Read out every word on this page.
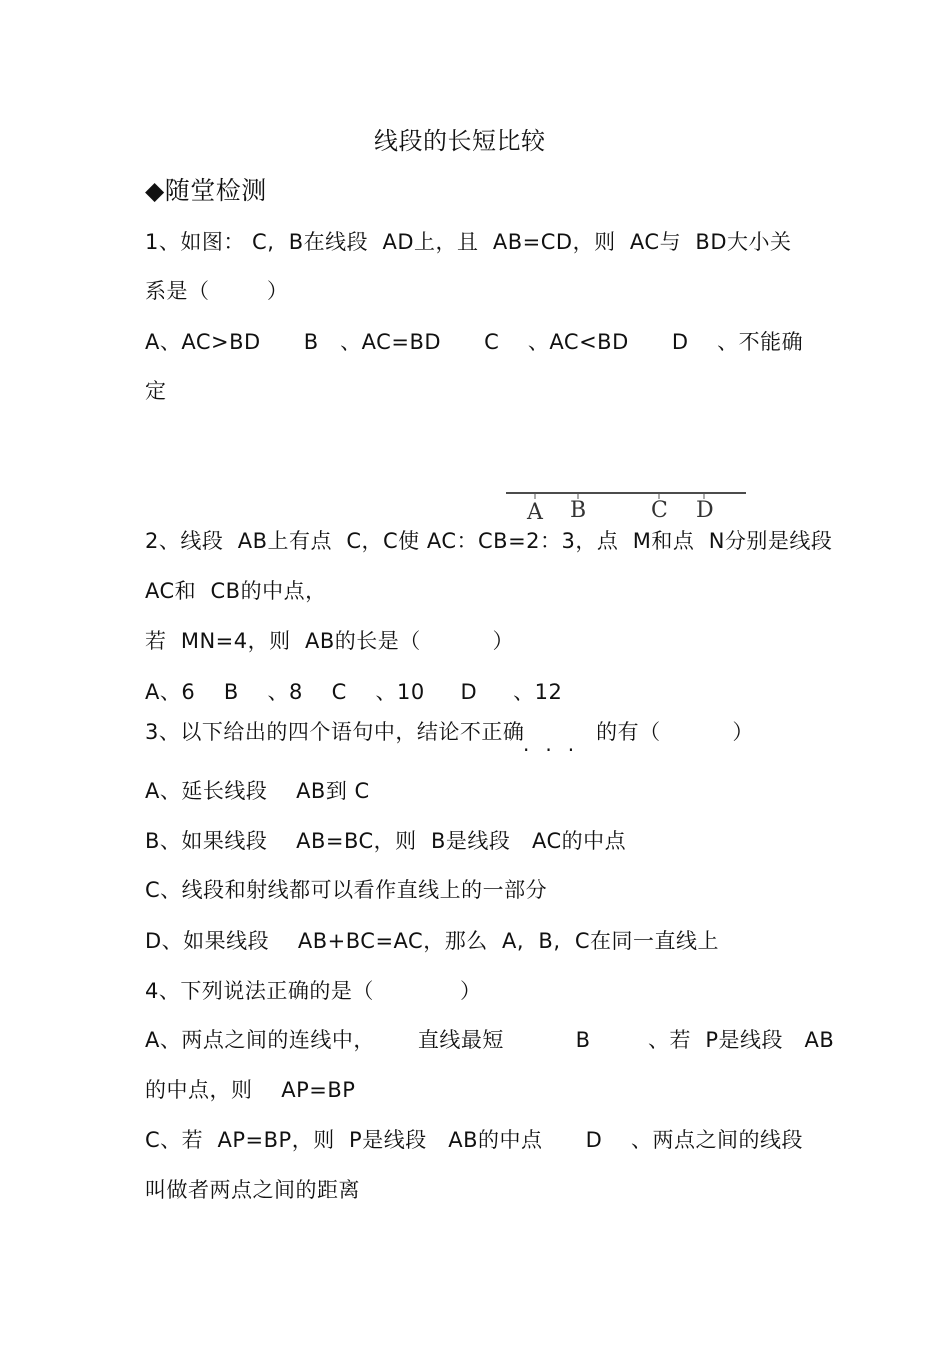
线段的长短比较
◆随堂检测
1、如图： C,  B在线段  AD上，且  AB=CD，则  AC与  BD大小关
系是（        ）
A、AC>BD      B   、AC=BD      C    、AC<BD      D    、不能确
定
A B	C D
2、线段  AB上有点  C，C使 AC：CB=2：3，点  M和点  N分别是线段
AC和  CB的中点，
若  MN=4，则  AB的长是（          ）
A、6    B    、8    C    、10     D     、12
3、以下给出的四个语句中，结论不正确          的有（          ）
···
A、延长线段    AB到 C
B、如果线段    AB=BC，则  B是线段   AC的中点
C、线段和射线都可以看作直线上的一部分
D、如果线段    AB+BC=AC，那么  A,  B,  C在同一直线上
4、下列说法正确的是（            ）
A、两点之间的连线中，      直线最短          B        、若  P是线段   AB
的中点，则    AP=BP
C、若  AP=BP，则  P是线段   AB的中点      D    、两点之间的线段
叫做者两点之间的距离
